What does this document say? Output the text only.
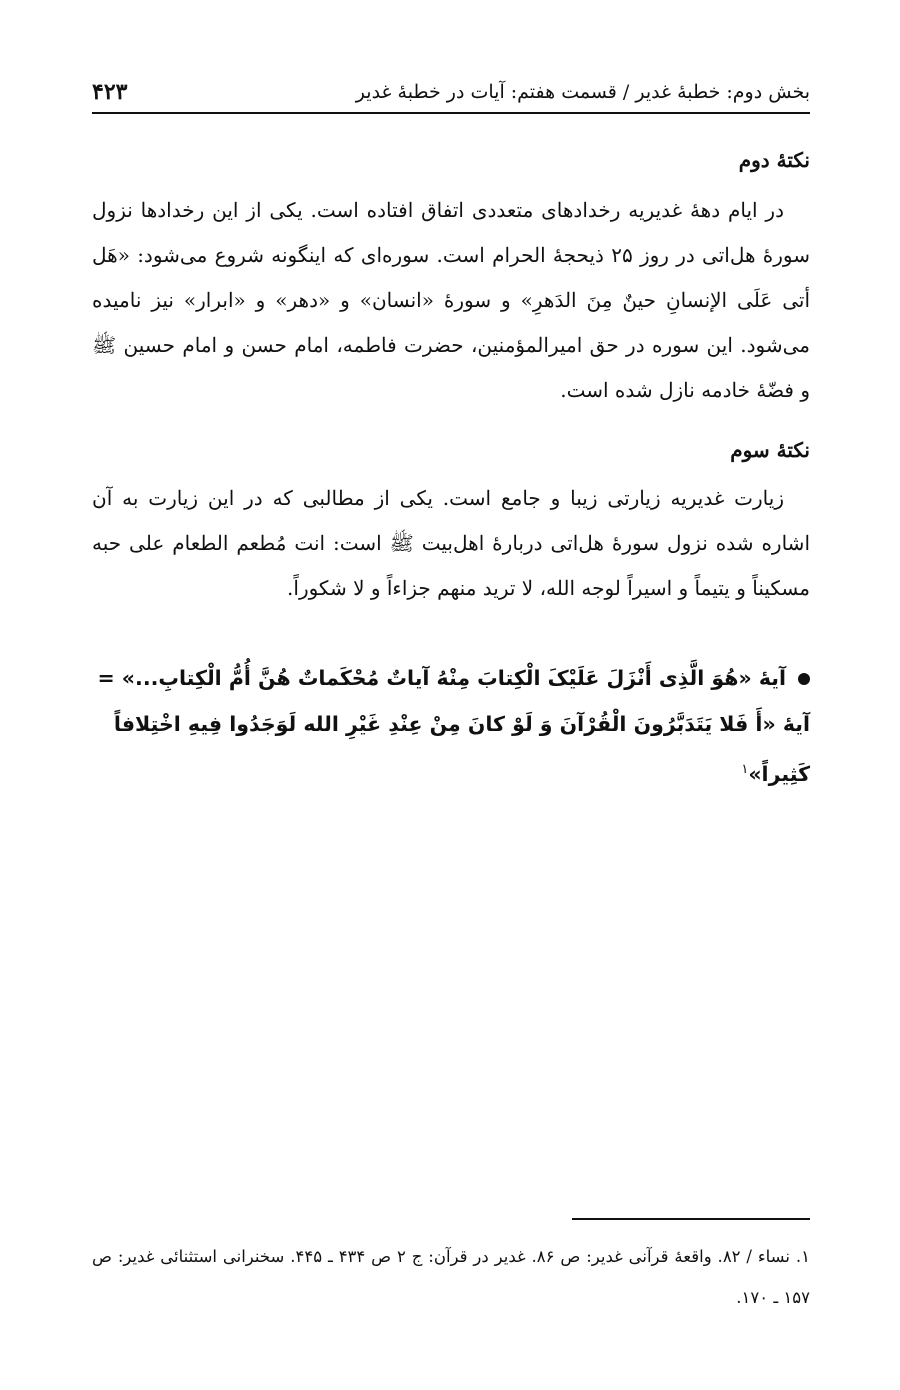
بخش دوم: خطبهٔ غدیر / قسمت هفتم: آیات در خطبهٔ غدیر
۴۲۳
نکتهٔ دوم

در ایام دههٔ غدیریه رخدادهای متعددی اتفاق افتاده است. یکی از این رخدادها نزول سورهٔ هل‌اتی در روز ۲۵ ذیحجهٔ الحرام است. سوره‌ای که اینگونه شروع می‌شود: «هَل أتی عَلَی الإنسانِ حینٌ مِنَ الدَهرِ» و سورهٔ «انسان» و «دهر» و «ابرار» نیز نامیده می‌شود. این سوره در حق امیرالمؤمنین، حضرت فاطمه، امام حسن و امام حسین ﷺ و فضّهٔ خادمه نازل شده است.

نکتهٔ سوم

زیارت غدیریه زیارتی زیبا و جامع است. یکی از مطالبی که در این زیارت به آن اشاره شده نزول سورهٔ هل‌اتی دربارهٔ اهل‌بیت ﷺ است: انت مُطعم الطعام علی حبه مسکیناً و یتیماً و اسیراً لوجه الله، لا ترید منهم جزاءاً و لا شکوراً.

آیهٔ «هُوَ الَّذِی أَنْزَلَ عَلَیْکَ الْکِتابَ مِنْهُ آیاتٌ مُحْکَماتٌ هُنَّ أُمُّ الْکِتابِ...» = آیهٔ «أَ فَلا یَتَدَبَّرُونَ الْقُرْآنَ وَ لَوْ کانَ مِنْ عِنْدِ غَیْرِ الله لَوَجَدُوا فِیهِ اخْتِلافاً کَثِیراً»$^۱$

۱. نساء / ۸۲. واقعهٔ قرآنی غدیر: ص ۸۶. غدیر در قرآن: ج ۲ ص ۴۳۴ ـ ۴۴۵. سخنرانی استثنائی غدیر: ص ۱۵۷ ـ ۱۷۰.
